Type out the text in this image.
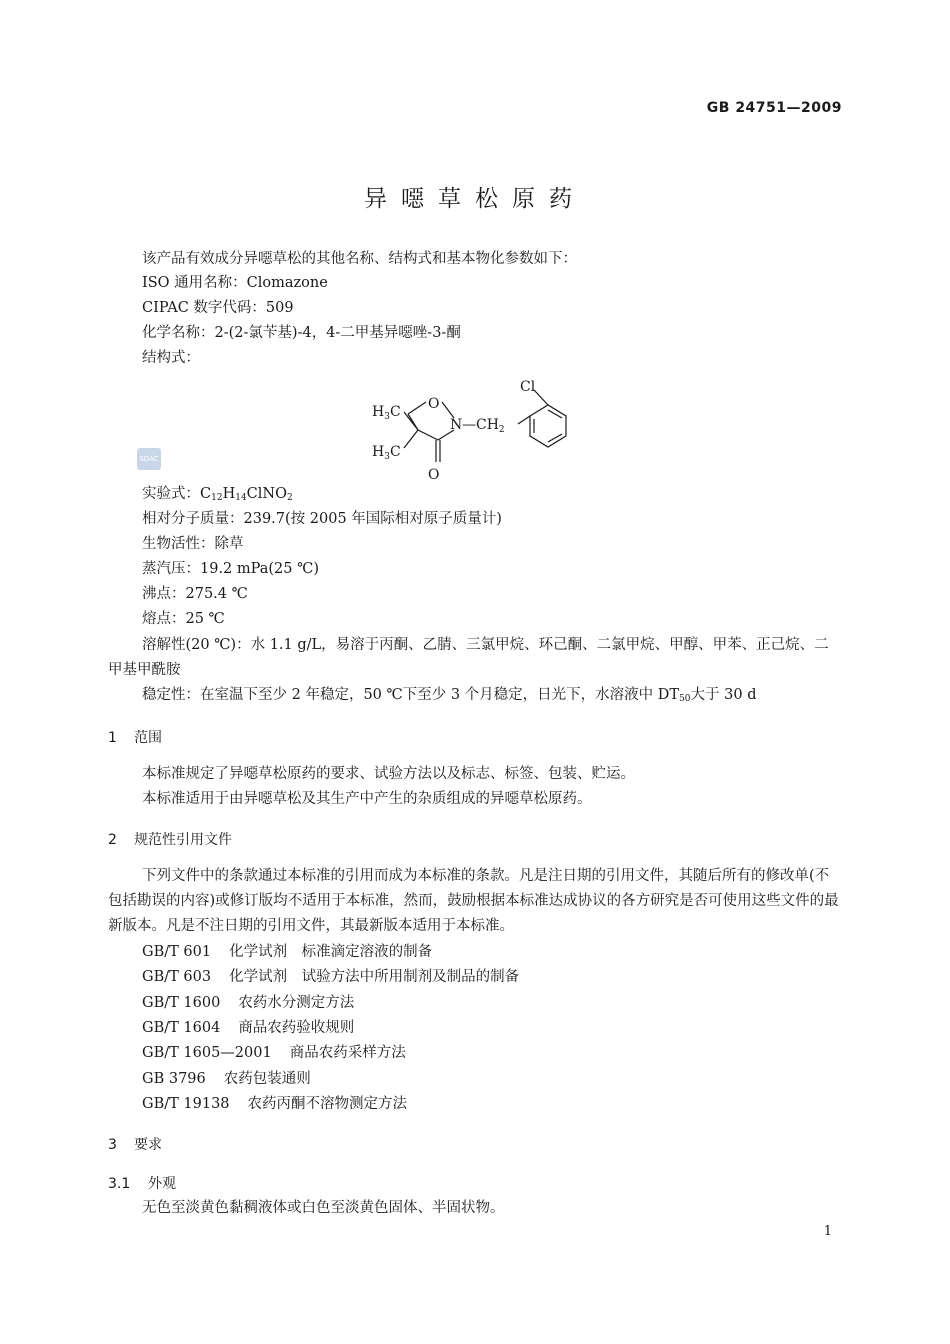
GB 24751—2009
异噁草松原药
该产品有效成分异噁草松的其他名称、结构式和基本物化参数如下：
ISO 通用名称：Clomazone
CIPAC 数字代码：509
化学名称：2-(2-氯苄基)-4，4-二甲基异噁唑-3-酮
结构式：
Cl
$H_3C$
$H_3C$
O
N $—CH_2$
O
SDAC
实验式：$C_{12}H_{14}ClNO_2$
相对分子质量：239.7(按 2005 年国际相对原子质量计)
生物活性：除草
蒸汽压：19.2 mPa(25 ℃)
沸点：275.4 ℃
熔点：25 ℃
溶解性(20 ℃)：水 1.1 g/L，易溶于丙酮、乙腈、三氯甲烷、环己酮、二氯甲烷、甲醇、甲苯、正己烷、二甲基甲酰胺
稳定性：在室温下至少 2 年稳定，50 ℃下至少 3 个月稳定，日光下，水溶液中 $DT_{50}$大于 30 d
1 范围
本标准规定了异噁草松原药的要求、试验方法以及标志、标签、包装、贮运。
本标准适用于由异噁草松及其生产中产生的杂质组成的异噁草松原药。
2 规范性引用文件
下列文件中的条款通过本标准的引用而成为本标准的条款。凡是注日期的引用文件，其随后所有的修改单(不包括勘误的内容)或修订版均不适用于本标准，然而，鼓励根据本标准达成协议的各方研究是否可使用这些文件的最新版本。凡是不注日期的引用文件，其最新版本适用于本标准。
GB/T 601 化学试剂　标准滴定溶液的制备
GB/T 603 化学试剂　试验方法中所用制剂及制品的制备
GB/T 1600 农药水分测定方法
GB/T 1604 商品农药验收规则
GB/T 1605—2001 商品农药采样方法
GB 3796 农药包装通则
GB/T 19138 农药丙酮不溶物测定方法
3 要求
3.1 外观
无色至淡黄色黏稠液体或白色至淡黄色固体、半固状物。
1
